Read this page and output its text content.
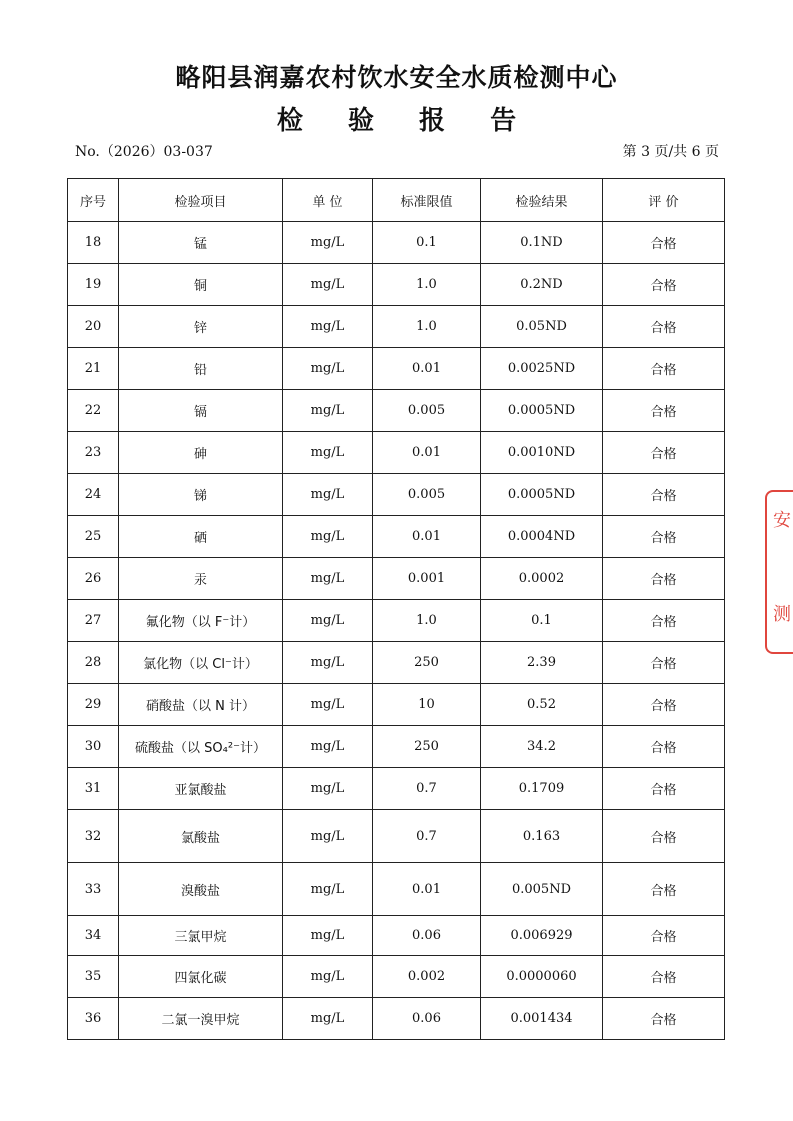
略阳县润嘉农村饮水安全水质检测中心
检 验 报 告
No.（2026）03-037	第 3 页/共 6 页
序号	检验项目	单 位	标准限值	检验结果	评 价
18	锰	mg/L	0.1	0.1ND	合格
19	铜	mg/L	1.0	0.2ND	合格
20	锌	mg/L	1.0	0.05ND	合格
21	铅	mg/L	0.01	0.0025ND	合格
22	镉	mg/L	0.005	0.0005ND	合格
23	砷	mg/L	0.01	0.0010ND	合格
24	锑	mg/L	0.005	0.0005ND	合格
25	硒	mg/L	0.01	0.0004ND	合格
26	汞	mg/L	0.001	0.0002	合格
27	氟化物（以 F⁻计）	mg/L	1.0	0.1	合格
28	氯化物（以 Cl⁻计）	mg/L	250	2.39	合格
29	硝酸盐（以 N 计）	mg/L	10	0.52	合格
30	硫酸盐（以 SO₄²⁻计）	mg/L	250	34.2	合格
31	亚氯酸盐	mg/L	0.7	0.1709	合格
32	氯酸盐	mg/L	0.7	0.163	合格
33	溴酸盐	mg/L	0.01	0.005ND	合格
34	三氯甲烷	mg/L	0.06	0.006929	合格
35	四氯化碳	mg/L	0.002	0.0000060	合格
36	二氯一溴甲烷	mg/L	0.06	0.001434	合格
安
测
